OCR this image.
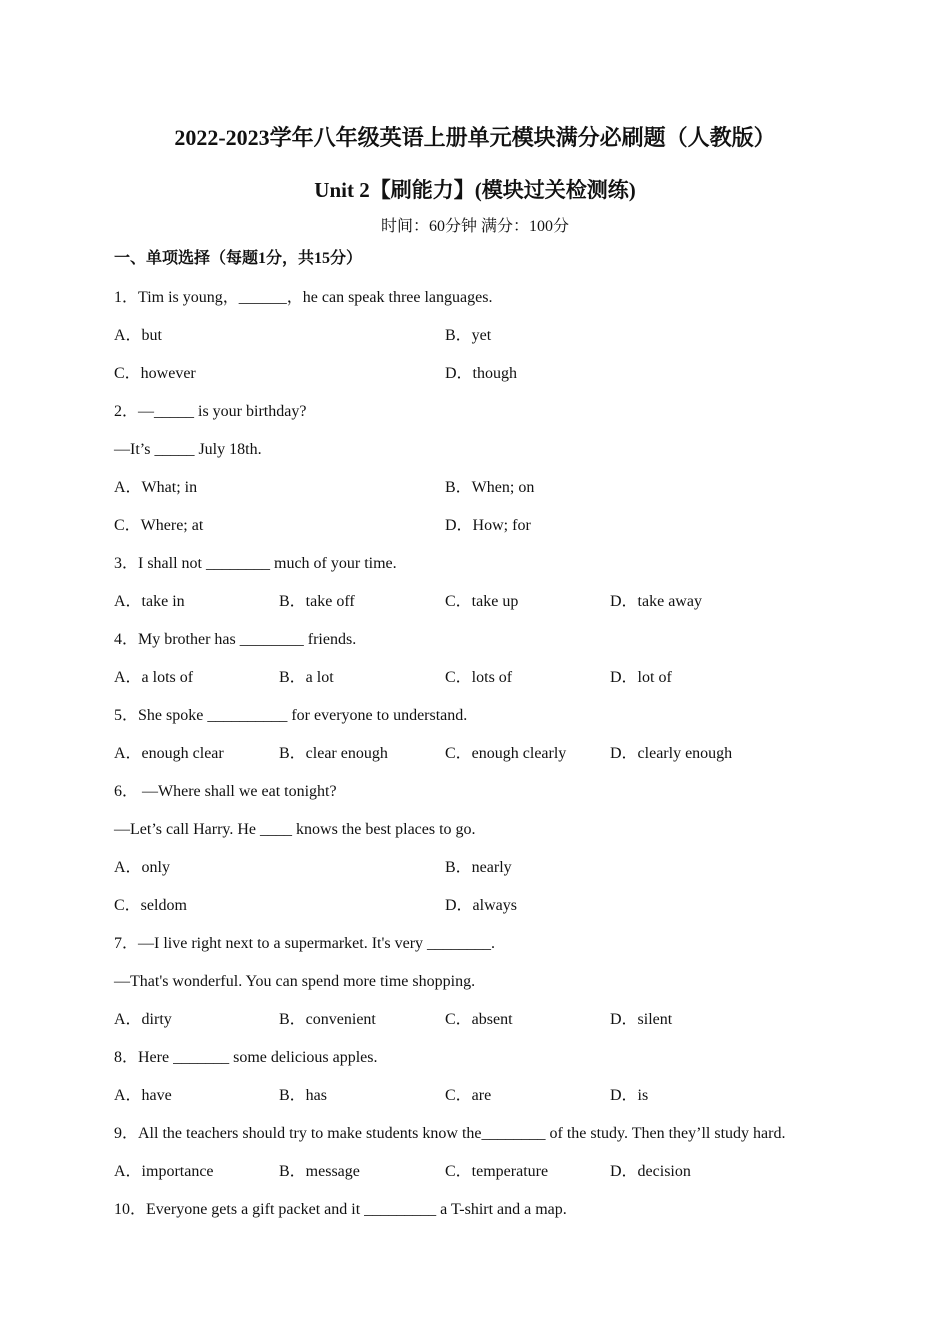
2022-2023学年八年级英语上册单元模块满分必刷题（人教版）
Unit 2【刷能力】(模块过关检测练)
时间：60分钟 满分：100分
一、单项选择（每题1分，共15分）
1．Tim is young，______，he can speak three languages.
A．but	B．yet
C．however	D．though
2．—_____ is your birthday?
—It’s _____ July 18th.
A．What; in	B．When; on
C．Where; at	D．How; for
3．I shall not ________ much of your time.
A．take in	B．take off	C．take up	D．take away
4．My brother has ________ friends.
A．a lots of	B．a lot	C．lots of	D．lot of
5．She spoke __________ for everyone to understand.
A．enough clear	B．clear enough	C．enough clearly	D．clearly enough
6． —Where shall we eat tonight?
—Let’s call Harry. He ____ knows the best places to go.
A．only	B．nearly
C．seldom	D．always
7．—I live right next to a supermarket. It's very ________.
—That's wonderful. You can spend more time shopping.
A．dirty	B．convenient	C．absent	D．silent
8．Here _______ some delicious apples.
A．have	B．has	C．are	D．is
9．All the teachers should try to make students know the________ of the study. Then they’ll study hard.
A．importance	B．message	C．temperature	D．decision
10．Everyone gets a gift packet and it _________ a T-shirt and a map.
